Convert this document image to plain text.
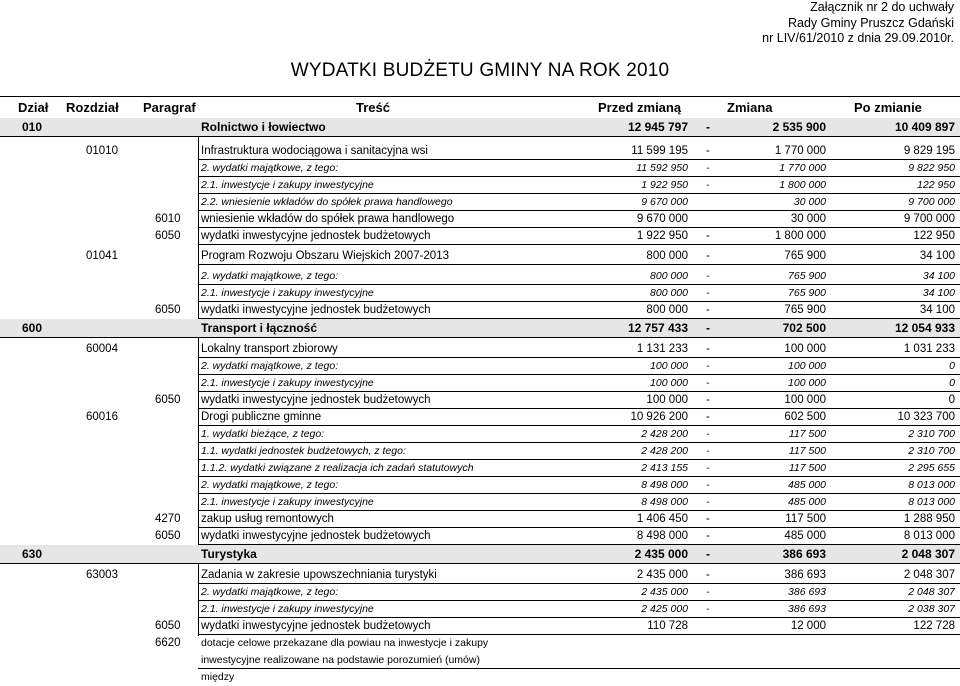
Załącznik nr 2 do uchwały
Rady Gminy Pruszcz Gdański
nr LIV/61/2010 z dnia 29.09.2010r.
WYDATKI BUDŻETU GMINY NA ROK 2010
Dział Rozdział Paragraf	Treść	Przed zmianą	Zmiana	Po zmianie
010	Rolnictwo i łowiectwo	12 945 797 -	2 535 900	10 409 897
01010	Infrastruktura wodociągowa i sanitacyjna wsi	11 599 195 -	1 770 000	9 829 195
2. wydatki majątkowe, z tego:	11 592 950 -	1 770 000	9 822 950
2.1. inwestycje i zakupy inwestycyjne	1 922 950 -	1 800 000	122 950
2.2. wniesienie wkładów do spółek prawa handlowego	9 670 000	30 000	9 700 000
6010 wniesienie wkładów do spółek prawa handlowego	9 670 000	30 000	9 700 000
6050 wydatki inwestycyjne jednostek budżetowych	1 922 950 -	1 800 000	122 950
01041	Program Rozwoju Obszaru Wiejskich 2007-2013	800 000 -	765 900	34 100
2. wydatki majątkowe, z tego:	800 000 -	765 900	34 100
2.1. inwestycje i zakupy inwestycyjne	800 000 -	765 900	34 100
6050 wydatki inwestycyjne jednostek budżetowych	800 000 -	765 900	34 100
600	Transport i łączność	12 757 433 -	702 500	12 054 933
60004	Lokalny transport zbiorowy	1 131 233 -	100 000	1 031 233
2. wydatki majątkowe, z tego:	100 000 -	100 000	0
2.1. inwestycje i zakupy inwestycyjne	100 000 -	100 000	0
6050 wydatki inwestycyjne jednostek budżetowych	100 000 -	100 000	0
60016	Drogi publiczne gminne	10 926 200 -	602 500	10 323 700
1. wydatki bieżące, z tego:	2 428 200 -	117 500	2 310 700
1.1. wydatki jednostek budżetowych, z tego:	2 428 200 -	117 500	2 310 700
1.1.2. wydatki związane z realizacja ich zadań statutowych	2 413 155 -	117 500	2 295 655
2. wydatki majątkowe, z tego:	8 498 000 -	485 000	8 013 000
2.1. inwestycje i zakupy inwestycyjne	8 498 000 -	485 000	8 013 000
4270 zakup usług remontowych	1 406 450 -	117 500	1 288 950
6050 wydatki inwestycyjne jednostek budżetowych	8 498 000 -	485 000	8 013 000
630	Turystyka	2 435 000 -	386 693	2 048 307
63003	Zadania w zakresie upowszechniania turystyki	2 435 000 -	386 693	2 048 307
2. wydatki majątkowe, z tego:	2 435 000 -	386 693	2 048 307
2.1. inwestycje i zakupy inwestycyjne	2 425 000 -	386 693	2 038 307
6050 wydatki inwestycyjne jednostek budżetowych	110 728	12 000	122 728
6620 dotacje celowe przekazane dla powiau na inwestycje i zakupy inwestycyjne realizowane na podstawie porozumień (umów) między
